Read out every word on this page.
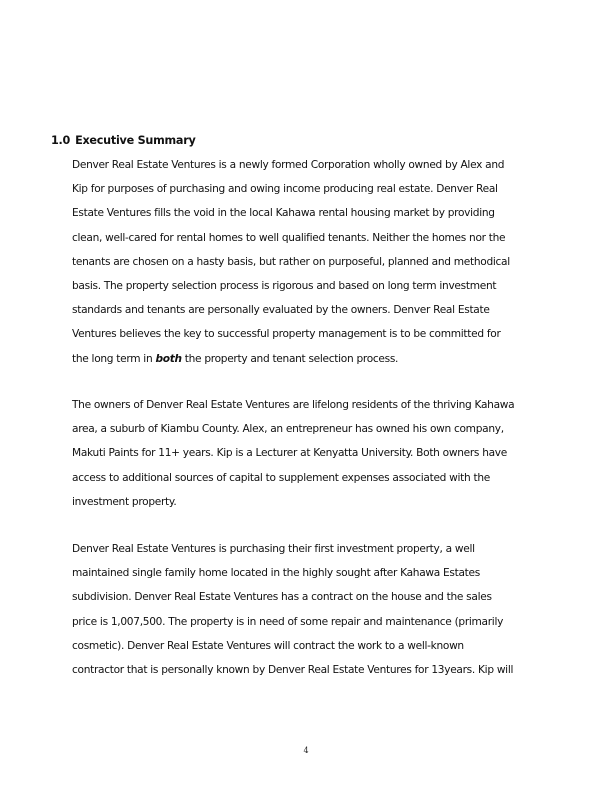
1.0 Executive Summary
Denver Real Estate Ventures is a newly formed Corporation wholly owned by Alex and
Kip for purposes of purchasing and owing income producing real estate. Denver Real
Estate Ventures fills the void in the local Kahawa rental housing market by providing
clean, well-cared for rental homes to well qualified tenants. Neither the homes nor the
tenants are chosen on a hasty basis, but rather on purposeful, planned and methodical
basis. The property selection process is rigorous and based on long term investment
standards and tenants are personally evaluated by the owners. Denver Real Estate
Ventures believes the key to successful property management is to be committed for
the long term in both the property and tenant selection process.
The owners of Denver Real Estate Ventures are lifelong residents of the thriving Kahawa
area, a suburb of Kiambu County. Alex, an entrepreneur has owned his own company,
Makuti Paints for 11+ years. Kip is a Lecturer at Kenyatta University. Both owners have
access to additional sources of capital to supplement expenses associated with the
investment property.
Denver Real Estate Ventures is purchasing their first investment property, a well
maintained single family home located in the highly sought after Kahawa Estates
subdivision. Denver Real Estate Ventures has a contract on the house and the sales
price is 1,007,500. The property is in need of some repair and maintenance (primarily
cosmetic). Denver Real Estate Ventures will contract the work to a well-known
contractor that is personally known by Denver Real Estate Ventures for 13years. Kip will
4
